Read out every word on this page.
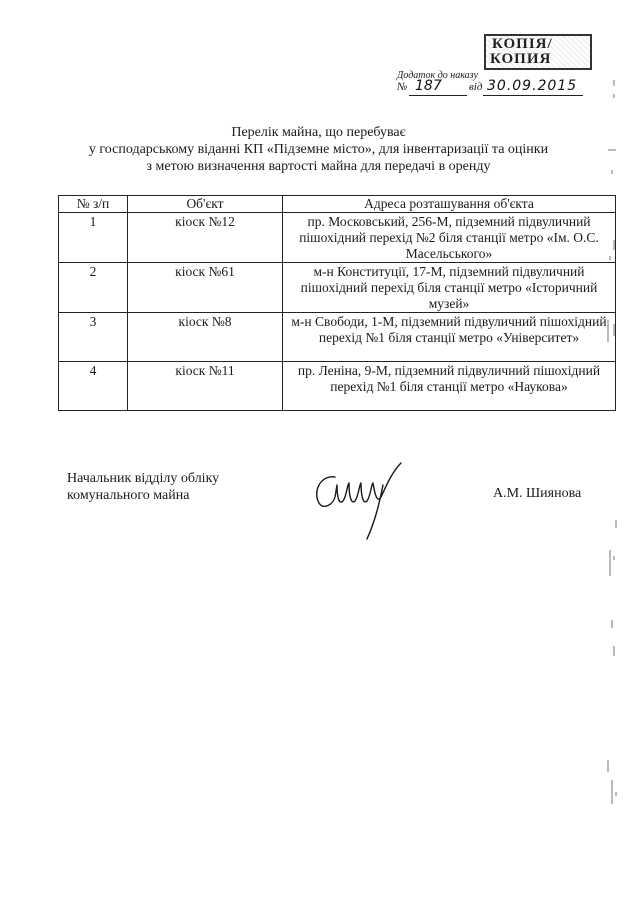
КОПІЯ/
КОПИЯ
Додаток до наказу
№ 187 від 30.09.2015
Перелік майна, що перебуває
у господарському віданні КП «Підземне місто», для інвентаризації та оцінки
з метою визначення вартості майна для передачі в оренду
№ з/п	Об'єкт	Адреса розташування об'єкта
1	кіоск №12	пр. Московський, 256-М, підземний підвуличний пішохідний перехід №2 біля станції метро «Ім. О.С. Масельського»
2	кіоск №61	м-н Конституції, 17-М, підземний підвуличний пішохідний перехід біля станції метро «Історичний музей»
3	кіоск №8	м-н Свободи, 1-М, підземний підвуличний пішохідний перехід №1 біля станції метро «Університет»
4	кіоск №11	пр. Леніна, 9-М, підземний підвуличний пішохідний перехід №1 біля станції метро «Наукова»
Начальник відділу обліку
комунального майна	А.М. Шиянова
